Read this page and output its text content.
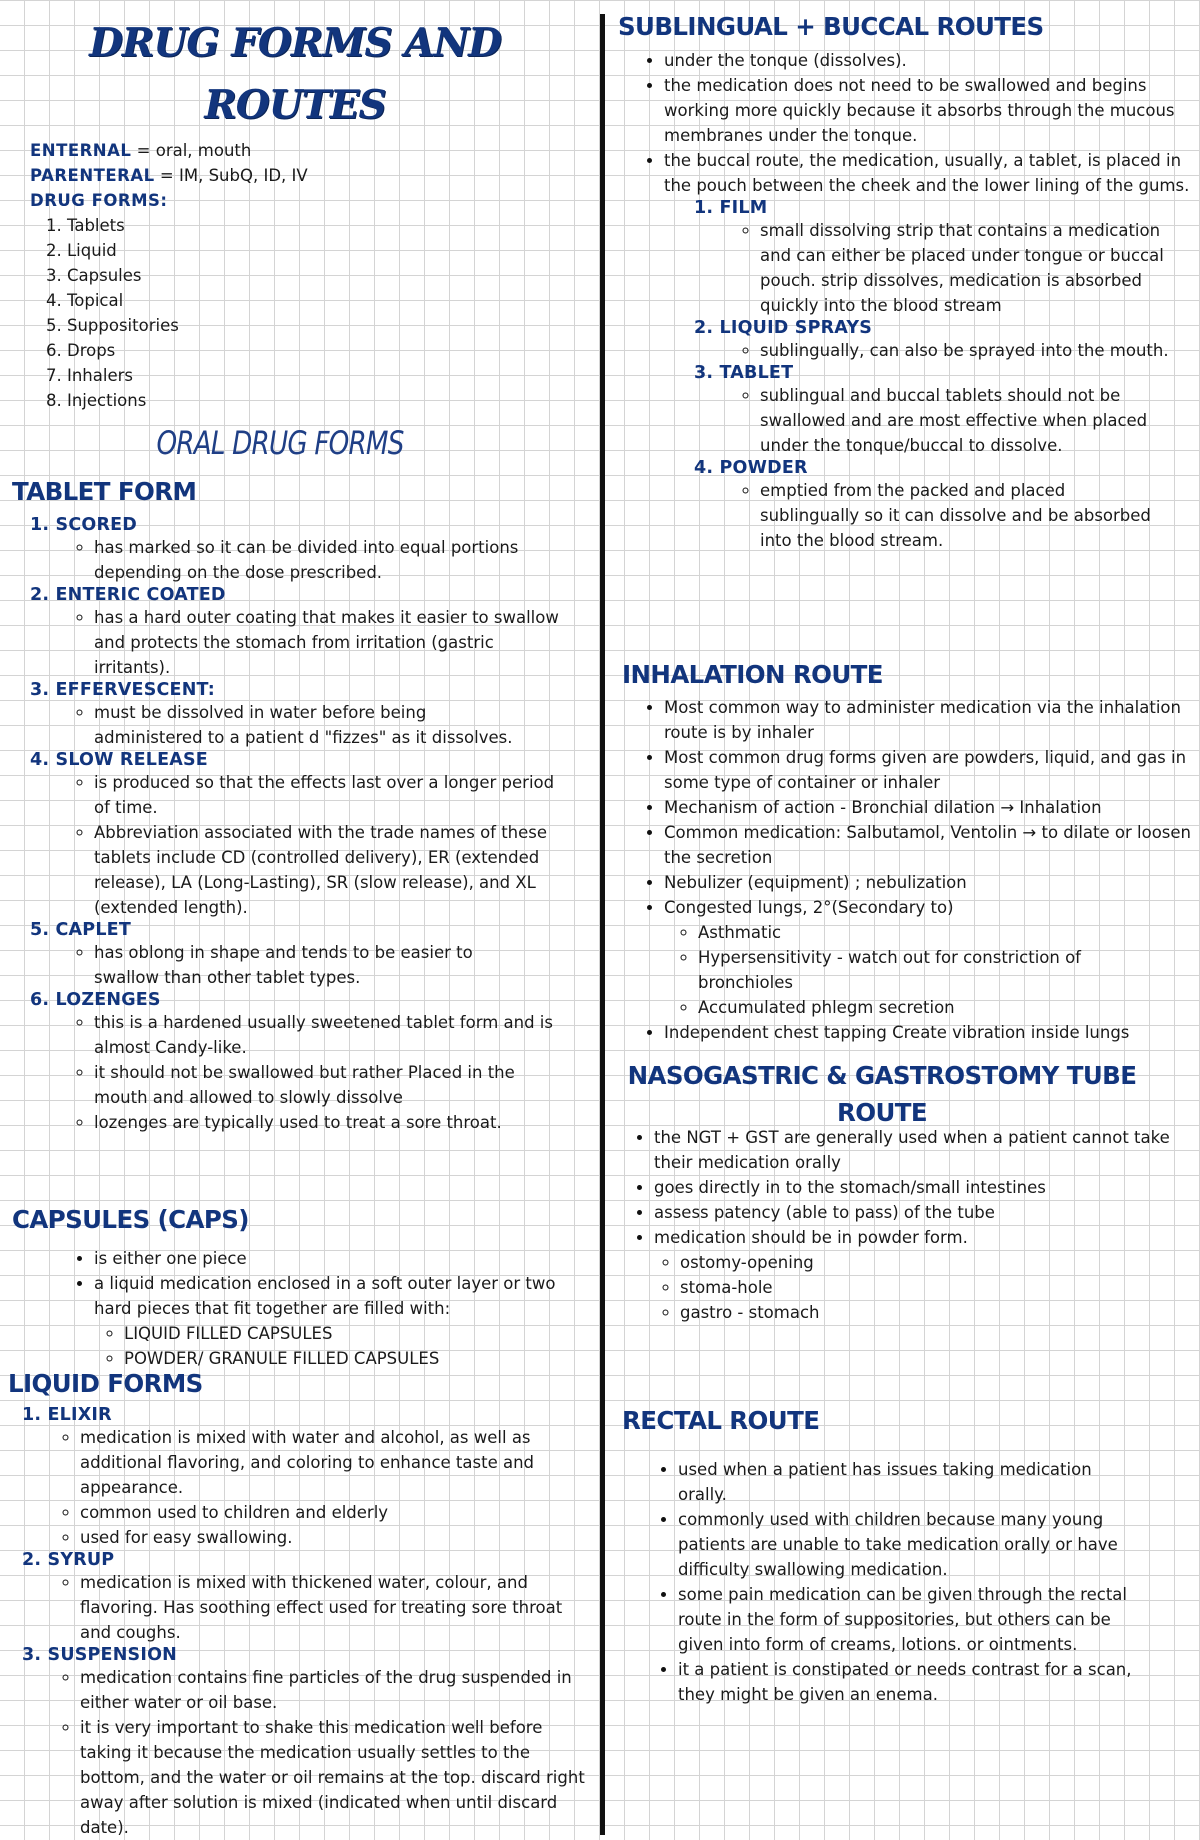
DRUG FORMS AND
ROUTES

ENTERNAL = oral, mouth

PARENTERAL = IM, SubQ, ID, IV

DRUG FORMS:

1. Tablets
2. Liquid
3. Capsules
4. Topical
5. Suppositories
6. Drops
7. Inhalers
8. Injections
ORAL DRUG FORMS
TABLET FORM

1. SCORED

◦ has marked so it can be divided into equal portions depending on the dose prescribed.

2. ENTERIC COATED

◦ has a hard outer coating that makes it easier to swallow and protects the stomach from irritation (gastric irritants).

3. EFFERVESCENT:

◦ must be dissolved in water before being administered to a patient d "fizzes" as it dissolves.

4. SLOW RELEASE

◦ is produced so that the effects last over a longer period of time.
◦ Abbreviation associated with the trade names of these tablets include CD (controlled delivery), ER (extended release), LA (Long-Lasting), SR (slow release), and XL (extended length).

5. CAPLET

◦ has oblong in shape and tends to be easier to swallow than other tablet types.

6. LOZENGES

◦ this is a hardened usually sweetened tablet form and is almost Candy-like.
◦ it should not be swallowed but rather Placed in the mouth and allowed to slowly dissolve
◦ lozenges are typically used to treat a sore throat.
CAPSULES (CAPS)
• is either one piece
• a liquid medication enclosed in a soft outer layer or two hard pieces that fit together are filled with:
◦ LIQUID FILLED CAPSULES
◦ POWDER/ GRANULE FILLED CAPSULES
LIQUID FORMS

1. ELIXIR

◦ medication is mixed with water and alcohol, as well as additional flavoring, and coloring to enhance taste and appearance.
◦ common used to children and elderly
◦ used for easy swallowing.

2. SYRUP

◦ medication is mixed with thickened water, colour, and flavoring. Has soothing effect used for treating sore throat and coughs.

3. SUSPENSION

◦ medication contains fine particles of the drug suspended in either water or oil base.
◦ it is very important to shake this medication well before taking it because the medication usually settles to the bottom, and the water or oil remains at the top. discard right away after solution is mixed (indicated when until discard date).
SUBLINGUAL + BUCCAL ROUTES
• under the tonque (dissolves).
• the medication does not need to be swallowed and begins working more quickly because it absorbs through the mucous membranes under the tonque.
• the buccal route, the medication, usually, a tablet, is placed in the pouch between the cheek and the lower lining of the gums.

1. FILM

◦ small dissolving strip that contains a medication and can either be placed under tongue or buccal pouch. strip dissolves, medication is absorbed quickly into the blood stream

2. LIQUID SPRAYS

◦ sublingually, can also be sprayed into the mouth.

3. TABLET

◦ sublingual and buccal tablets should not be swallowed and are most effective when placed under the tonque/buccal to dissolve.

4. POWDER

◦ emptied from the packed and placed sublingually so it can dissolve and be absorbed into the blood stream.
INHALATION ROUTE
• Most common way to administer medication via the inhalation route is by inhaler
• Most common drug forms given are powders, liquid, and gas in some type of container or inhaler
• Mechanism of action - Bronchial dilation → Inhalation
• Common medication: Salbutamol, Ventolin → to dilate or loosen the secretion
• Nebulizer (equipment) ; nebulization
• Congested lungs, 2°(Secondary to)
◦ Asthmatic
◦ Hypersensitivity - watch out for constriction of bronchioles
◦ Accumulated phlegm secretion
• Independent chest tapping Create vibration inside lungs
NASOGASTRIC & GASTROSTOMY TUBE
ROUTE
• the NGT + GST are generally used when a patient cannot take their medication orally
• goes directly in to the stomach/small intestines
• assess patency (able to pass) of the tube
• medication should be in powder form.
◦ ostomy-opening
◦ stoma-hole
◦ gastro - stomach
RECTAL ROUTE
• used when a patient has issues taking medication orally.
• commonly used with children because many young patients are unable to take medication orally or have difficulty swallowing medication.
• some pain medication can be given through the rectal route in the form of suppositories, but others can be given into form of creams, lotions. or ointments.
• it a patient is constipated or needs contrast for a scan, they might be given an enema.
